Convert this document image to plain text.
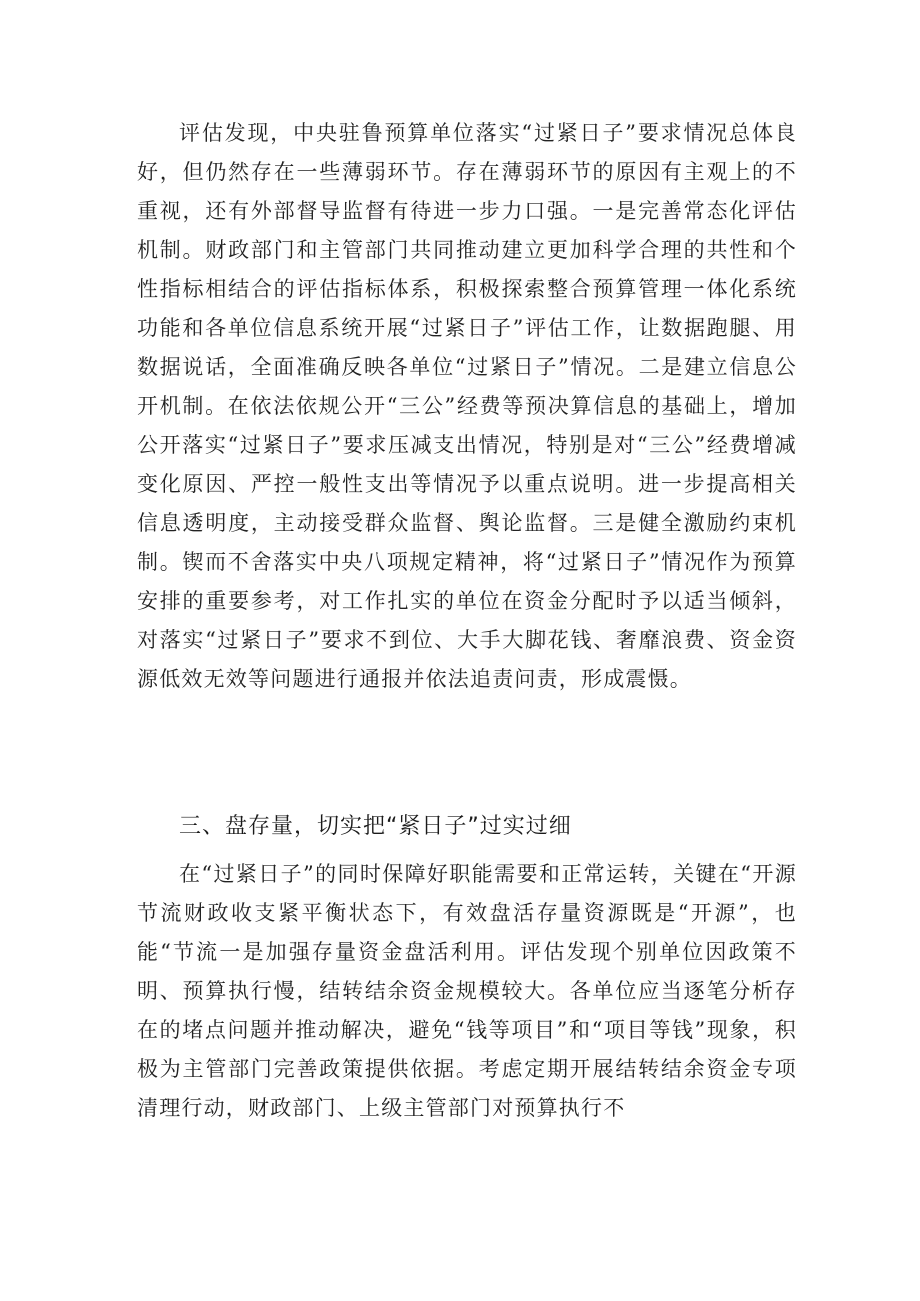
评估发现，中央驻鲁预算单位落实“过紧日子”要求情况总体良好，但仍然存在一些薄弱环节。存在薄弱环节的原因有主观上的不重视，还有外部督导监督有待进一步力口强。一是完善常态化评估机制。财政部门和主管部门共同推动建立更加科学合理的共性和个性指标相结合的评估指标体系，积极探索整合预算管理一体化系统功能和各单位信息系统开展“过紧日子”评估工作，让数据跑腿、用数据说话，全面准确反映各单位“过紧日子”情况。二是建立信息公开机制。在依法依规公开“三公”经费等预决算信息的基础上，增加公开落实“过紧日子”要求压减支出情况，特别是对“三公”经费增减变化原因、严控一般性支出等情况予以重点说明。进一步提高相关信息透明度，主动接受群众监督、舆论监督。三是健全激励约束机制。锲而不舍落实中央八项规定精神，将“过紧日子”情况作为预算安排的重要参考，对工作扎实的单位在资金分配时予以适当倾斜，对落实“过紧日子”要求不到位、大手大脚花钱、奢靡浪费、资金资源低效无效等问题进行通报并依法追责问责，形成震慑。

三、盘存量，切实把“紧日子”过实过细

在“过紧日子”的同时保障好职能需要和正常运转，关键在“开源节流财政收支紧平衡状态下，有效盘活存量资源既是“开源”，也能“节流一是加强存量资金盘活利用。评估发现个别单位因政策不明、预算执行慢，结转结余资金规模较大。各单位应当逐笔分析存在的堵点问题并推动解决，避免“钱等项目”和“项目等钱”现象，积极为主管部门完善政策提供依据。考虑定期开展结转结余资金专项清理行动，财政部门、上级主管部门对预算执行不
